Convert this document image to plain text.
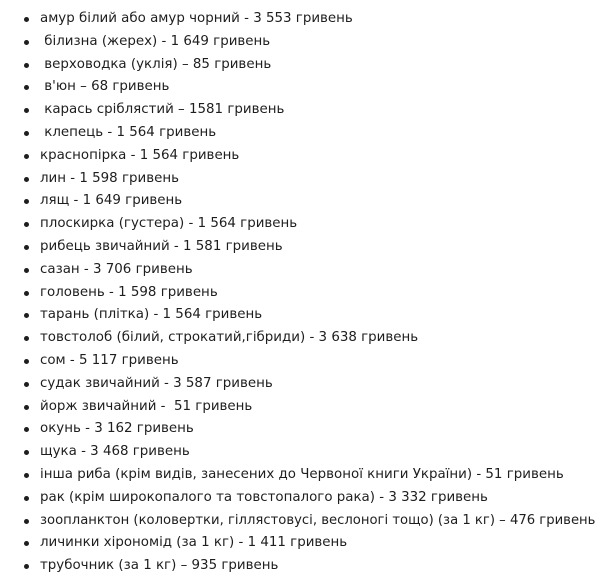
амур білий або амур чорний - 3 553 гривень
білизна (жерех) - 1 649 гривень
верховодка (уклія) – 85 гривень
в'юн – 68 гривень
карась сріблястий – 1581 гривень
клепець - 1 564 гривень
краснопірка - 1 564 гривень
лин - 1 598 гривень
лящ - 1 649 гривень
плоскирка (густера) - 1 564 гривень
рибець звичайний - 1 581 гривень
сазан - 3 706 гривень
головень - 1 598 гривень
тарань (плітка) - 1 564 гривень
товстолоб (білий, строкатий,гібриди) - 3 638 гривень
сом - 5 117 гривень
судак звичайний - 3 587 гривень
йорж звичайний -  51 гривень
окунь - 3 162 гривень
щука - 3 468 гривень
інша риба (крім видів, занесених до Червоної книги України) - 51 гривень
рак (крім широкопалого та товстопалого рака) - 3 332 гривень
зоопланктон (коловертки, гіллястовусі, веслоногі тощо) (за 1 кг) – 476 гривень
личинки хірономід (за 1 кг) - 1 411 гривень
трубочник (за 1 кг) – 935 гривень
